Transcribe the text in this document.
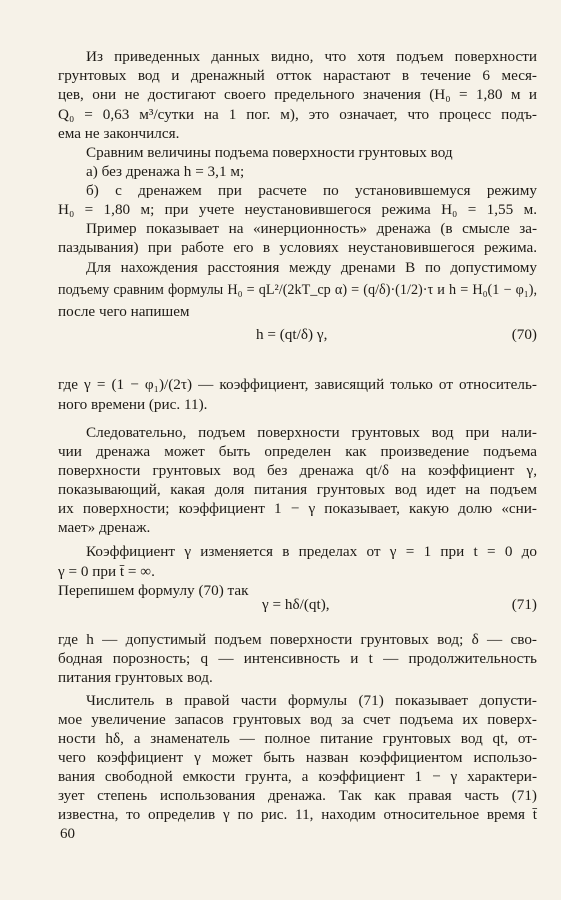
Из приведенных данных видно, что хотя подъем поверхности
грунтовых вод и дренажный отток нарастают в течение 6 меся-
цев, они не достигают своего предельного значения (H₀ = 1,80 м и
Q₀ = 0,63 м³/сутки на 1 пог. м), это означает, что процесс подъ-
ема не закончился.
Сравним величины подъема поверхности грунтовых вод
а) без дренажа h = 3,1 м;
б) с дренажем при расчете по установившемуся режиму
H₀ = 1,80 м; при учете неустановившегося режима H₀ = 1,55 м.
Пример показывает на «инерционность» дренажа (в смысле за-
паздывания) при работе его в условиях неустановившегося режима.
Для нахождения расстояния между дренами B по допустимому
подъему сравним формулы H₀ = qL²/(2kT_ср α) = (q/δ)·(1/2)·τ и h = H₀(1 − φ₁),
после чего напишем
h = (qt/δ) γ,	(70)
где γ = (1 − φ₁)/(2τ) — коэффициент, зависящий только от относитель-
ного времени (рис. 11).
Следовательно, подъем поверхности грунтовых вод при нали-
чии дренажа может быть определен как произведение подъема
поверхности грунтовых вод без дренажа qt/δ на коэффициент γ,
показывающий, какая доля питания грунтовых вод идет на подъем
их поверхности; коэффициент 1 − γ показывает, какую долю «сни-
мает» дренаж.
Коэффициент γ изменяется в пределах от γ = 1 при t = 0 до
γ = 0 при t̄ = ∞.
Перепишем формулу (70) так
γ = hδ/(qt),	(71)
где h — допустимый подъем поверхности грунтовых вод; δ — сво-
бодная порозность; q — интенсивность и t — продолжительность
питания грунтовых вод.
Числитель в правой части формулы (71) показывает допусти-
мое увеличение запасов грунтовых вод за счет подъема их поверх-
ности hδ, а знаменатель — полное питание грунтовых вод qt, от-
чего коэффициент γ может быть назван коэффициентом использо-
вания свободной емкости грунта, а коэффициент 1 − γ характери-
зует степень использования дренажа. Так как правая часть (71)
известна, то определив γ по рис. 11, находим относительное время t̄
60
